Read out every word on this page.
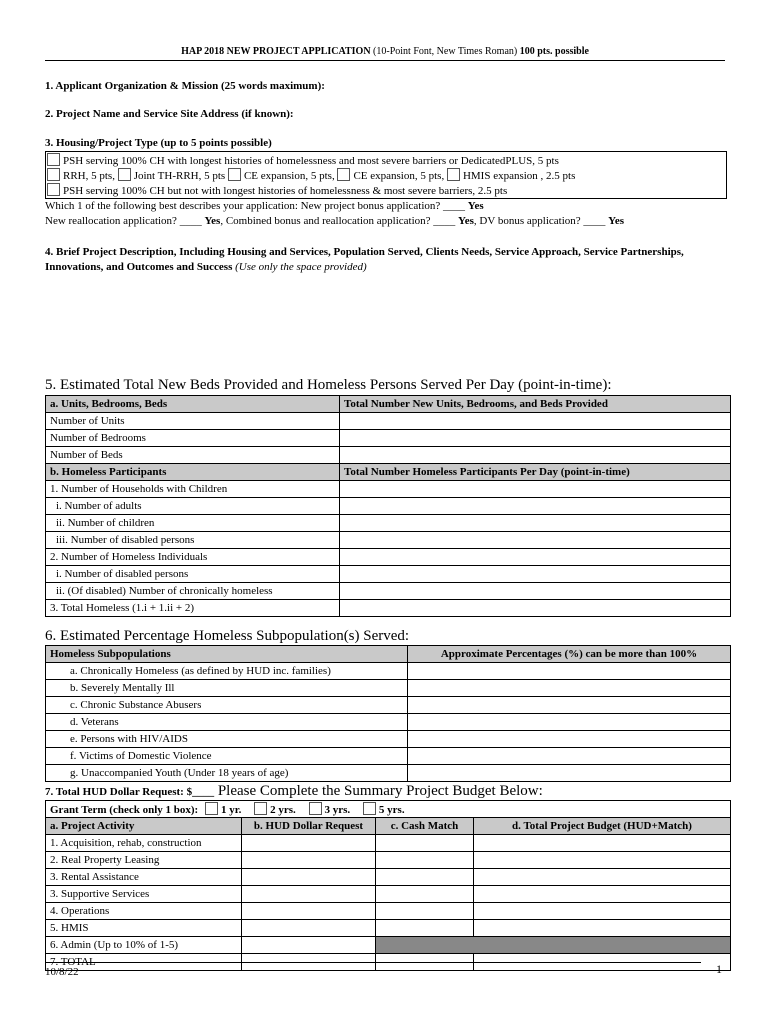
HAP 2018 NEW PROJECT APPLICATION (10-Point Font, New Times Roman) 100 pts. possible
1. Applicant Organization & Mission (25 words maximum):
2. Project Name and Service Site Address (if known):
3. Housing/Project Type (up to 5 points possible)
PSH serving 100% CH with longest histories of homelessness and most severe barriers or DedicatedPLUS, 5 pts
RRH, 5 pts, Joint TH-RRH, 5 pts CE expansion, 5 pts, CE expansion, 5 pts, HMIS expansion , 2.5 pts
PSH serving 100% CH but not with longest histories of homelessness & most severe barriers, 2.5 pts
Which 1 of the following best describes your application: New project bonus application? ____ Yes
New reallocation application? ____ Yes, Combined bonus and reallocation application? ____ Yes, DV bonus application? ____ Yes
4. Brief Project Description, Including Housing and Services, Population Served, Clients Needs, Service Approach, Service Partnerships, Innovations, and Outcomes and Success (Use only the space provided)
5. Estimated Total New Beds Provided and Homeless Persons Served Per Day (point-in-time):
a. Units, Bedrooms, Beds	Total Number New Units, Bedrooms, and Beds Provided
Number of Units	
Number of Bedrooms	
Number of Beds	
b. Homeless Participants	Total Number Homeless Participants Per Day (point-in-time)
1. Number of Households with Children	
i. Number of adults	
ii. Number of children	
iii. Number of disabled persons	
2. Number of Homeless Individuals	
i. Number of disabled persons	
ii. (Of disabled) Number of chronically homeless	
3. Total Homeless (1.i + 1.ii + 2)	
6. Estimated Percentage Homeless Subpopulation(s) Served:
Homeless Subpopulations	Approximate Percentages (%) can be more than 100%
a. Chronically Homeless (as defined by HUD inc. families)	
b. Severely Mentally Ill	
c. Chronic Substance Abusers	
d. Veterans	
e. Persons with HIV/AIDS	
f. Victims of Domestic Violence	
g. Unaccompanied Youth (Under 18 years of age)	
7. Total HUD Dollar Request: $____ Please Complete the Summary Project Budget Below:
Grant Term (check only 1 box): 1 yr. 2 yrs. 3 yrs. 5 yrs.			
a. Project Activity	b. HUD Dollar Request	c. Cash Match	d. Total Project Budget (HUD+Match)
1. Acquisition, rehab, construction			
2. Real Property Leasing			
3. Rental Assistance			
3. Supportive Services			
4. Operations			
5. HMIS			
6. Admin (Up to 10% of 1-5)			
7. TOTAL			
10/8/22	1
